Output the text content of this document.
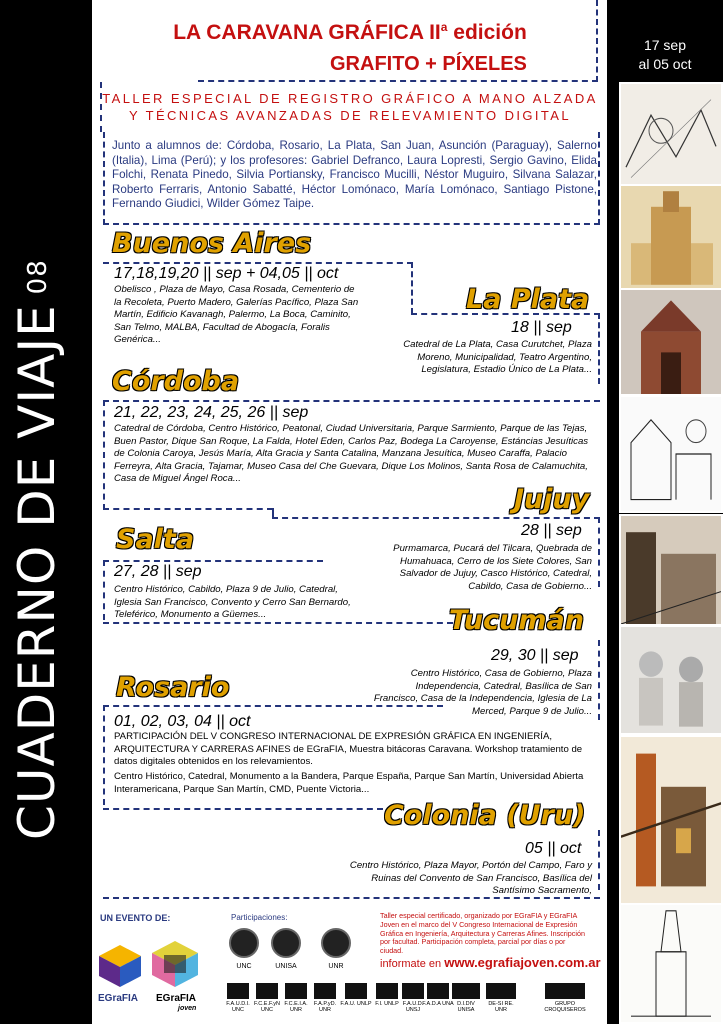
CUADERNO DE VIAJE08
17 sep
al 05 oct
LA CARAVANA GRÁFICA $II^a$ edición
GRAFITO + PÍXELES
TALLER ESPECIAL DE REGISTRO GRÁFICO A MANO ALZADA Y TÉCNICAS AVANZADAS DE RELEVAMIENTO DIGITAL
Junto a alumnos de: Córdoba, Rosario, La Plata, San Juan, Asunción (Paraguay), Salerno (Italia), Lima (Perú); y los profesores: Gabriel Defranco, Laura Lopresti, Sergio Gavino, Elida Folchi, Renata Pinedo, Silvia Portiansky, Francisco Mucilli, Néstor Muguiro, Silvana Salazar, Roberto Ferraris, Antonio Sabatté, Héctor Lomónaco, María Lomónaco, Santiago Pistone, Fernando Giudici, Wilder Gómez Taipe.
Buenos Aires
17,18,19,20 || sep + 04,05 || oct
Obelisco , Plaza de Mayo, Casa Rosada, Cementerio de la Recoleta, Puerto Madero, Galerías Pacífico, Plaza San Martín, Edificio Kavanagh, Palermo, La Boca, Caminito, San Telmo, MALBA, Facultad de Abogacía, Foralis Genérica...
La Plata
18 || sep
Catedral de La Plata, Casa Curutchet, Plaza Moreno, Municipalidad, Teatro Argentino, Legislatura, Estadio Único de La Plata...
Córdoba
21, 22, 23, 24, 25, 26 || sep
Catedral de Córdoba, Centro Histórico, Peatonal, Ciudad Universitaria, Parque Sarmiento, Parque de las Tejas, Buen Pastor, Dique San Roque, La Falda, Hotel Eden, Carlos Paz, Bodega La Caroyense, Estáncias Jesuíticas de Colonia Caroya, Jesús María, Alta Gracia y Santa Catalina, Manzana Jesuítica, Museo Caraffa, Palacio Ferreyra, Alta Gracia, Tajamar, Museo Casa del Che Guevara, Dique Los Molinos, Santa Rosa de Calamuchita, Casa de Miguel Ángel Roca...
Jujuy
28 || sep
Purmamarca, Pucará del Tilcara, Quebrada de Humahuaca, Cerro de los Siete Colores, San Salvador de Jujuy, Casco Histórico, Catedral, Cabildo, Casa de Gobierno...
Salta
27, 28 || sep
Centro Histórico, Cabildo, Plaza 9 de Julio, Catedral, Iglesia San Francisco, Convento y Cerro San Bernardo, Teleférico, Monumento a Güemes...	Tucumán
29, 30 || sep
Centro Histórico, Casa de Gobierno, Plaza Independencia, Catedral, Basílica de San Francisco, Casa de la Independencia, Iglesia de La Merced, Parque 9 de Julio...
Rosario
01, 02, 03, 04 || oct
PARTICIPACIÓN DEL V CONGRESO INTERNACIONAL DE EXPRESIÓN GRÁFICA EN INGENIERÍA, ARQUITECTURA Y CARRERAS AFINES de EGraFIA, Muestra bitácoras Caravana. Workshop tratamiento de datos digitales obtenidos en los relevamientos.
Centro Histórico, Catedral, Monumento a la Bandera, Parque España, Parque San Martín, Universidad Abierta Interamericana, Parque San Martín, CMD, Puente Victoria...
Colonia (Uru)
05 || oct
Centro Histórico, Plaza Mayor, Portón del Campo, Faro y Ruinas del Convento de San Francisco, Basílica del Santísimo Sacramento,
UN EVENTO DE:
EGraFIA EGraFIA
joven
Participaciones:
UNC	UNISA	UNR
F.A.U.D.I. UNC
F.C.E.F.yN UNC
F.C.E.I.A. UNR
F.A.P.yD. UNR
F.A.U. UNLP F.I. UNLP F.A.U.D. UNSJ
F.A.D.A UNA D.I.DIV UNISA
DE-SI RE. UNR
GRUPO CROQUISEROS
Taller especial certificado, organizado por EGraFIA y EGraFIA Joven en el marco del V Congreso Internacional de Expresión Gráfica en Ingeniería, Arquitectura y Carreras Afines. Inscripción por facultad. Participación completa, parcial por días o por ciudad.
informate en www.egrafiajoven.com.ar
